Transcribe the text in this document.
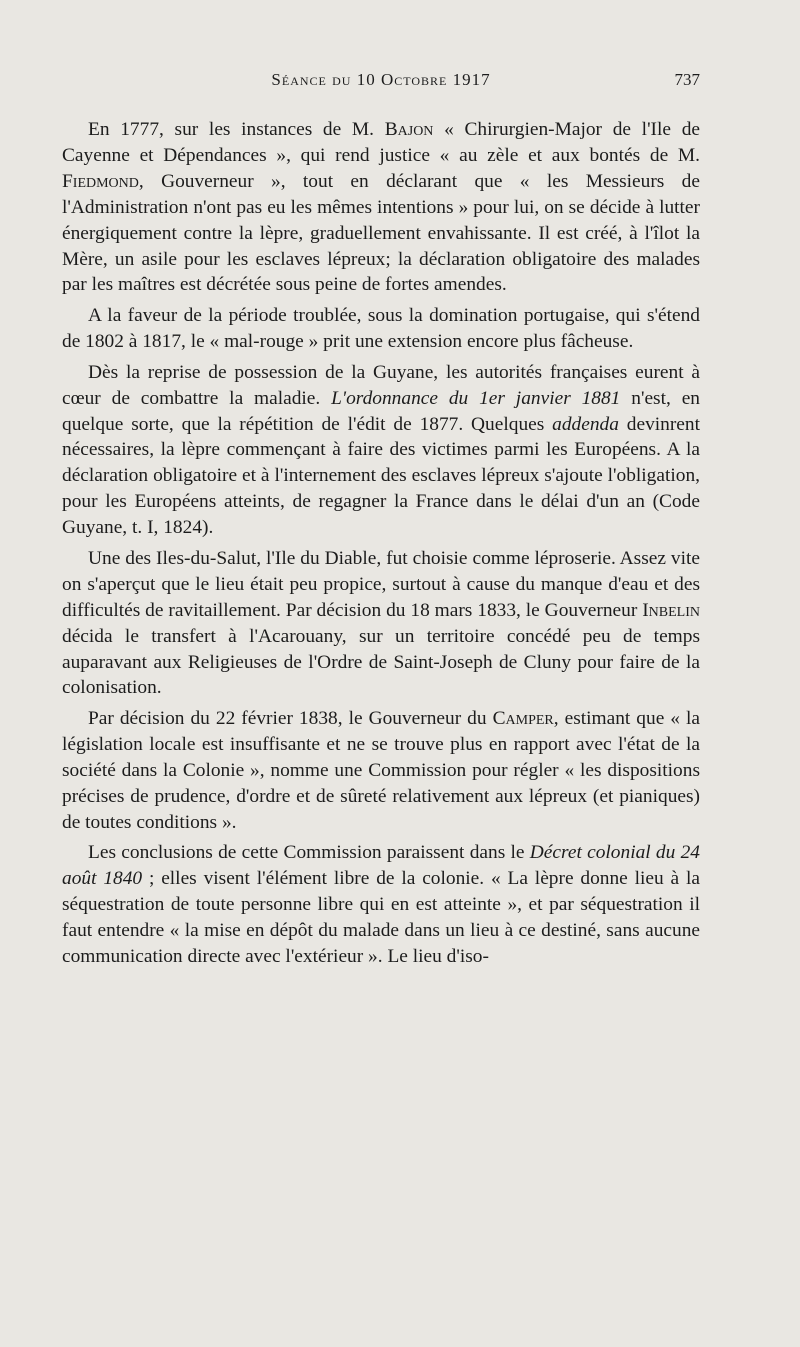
Séance du 10 Octobre 1917	737

En 1777, sur les instances de M. Bajon « Chirurgien-Major de l'Ile de Cayenne et Dépendances », qui rend justice « au zèle et aux bontés de M. Fiedmond, Gouverneur », tout en déclarant que « les Messieurs de l'Administration n'ont pas eu les mêmes intentions » pour lui, on se décide à lutter énergiquement contre la lèpre, graduellement envahissante. Il est créé, à l'îlot la Mère, un asile pour les esclaves lépreux; la déclaration obligatoire des malades par les maîtres est décrétée sous peine de fortes amendes.

A la faveur de la période troublée, sous la domination portugaise, qui s'étend de 1802 à 1817, le « mal-rouge » prit une extension encore plus fâcheuse.

Dès la reprise de possession de la Guyane, les autorités françaises eurent à cœur de combattre la maladie. L'ordonnance du 1er janvier 1881 n'est, en quelque sorte, que la répétition de l'édit de 1877. Quelques addenda devinrent nécessaires, la lèpre commençant à faire des victimes parmi les Européens. A la déclaration obligatoire et à l'internement des esclaves lépreux s'ajoute l'obligation, pour les Européens atteints, de regagner la France dans le délai d'un an (Code Guyane, t. I, 1824).

Une des Iles-du-Salut, l'Ile du Diable, fut choisie comme léproserie. Assez vite on s'aperçut que le lieu était peu propice, surtout à cause du manque d'eau et des difficultés de ravitaillement. Par décision du 18 mars 1833, le Gouverneur Inbelin décida le transfert à l'Acarouany, sur un territoire concédé peu de temps auparavant aux Religieuses de l'Ordre de Saint-Joseph de Cluny pour faire de la colonisation.

Par décision du 22 février 1838, le Gouverneur du Camper, estimant que « la législation locale est insuffisante et ne se trouve plus en rapport avec l'état de la société dans la Colonie », nomme une Commission pour régler « les dispositions précises de prudence, d'ordre et de sûreté relativement aux lépreux (et pianiques) de toutes conditions ».

Les conclusions de cette Commission paraissent dans le Décret colonial du 24 août 1840 ; elles visent l'élément libre de la colonie. « La lèpre donne lieu à la séquestration de toute personne libre qui en est atteinte », et par séquestration il faut entendre « la mise en dépôt du malade dans un lieu à ce destiné, sans aucune communication directe avec l'extérieur ». Le lieu d'iso-
